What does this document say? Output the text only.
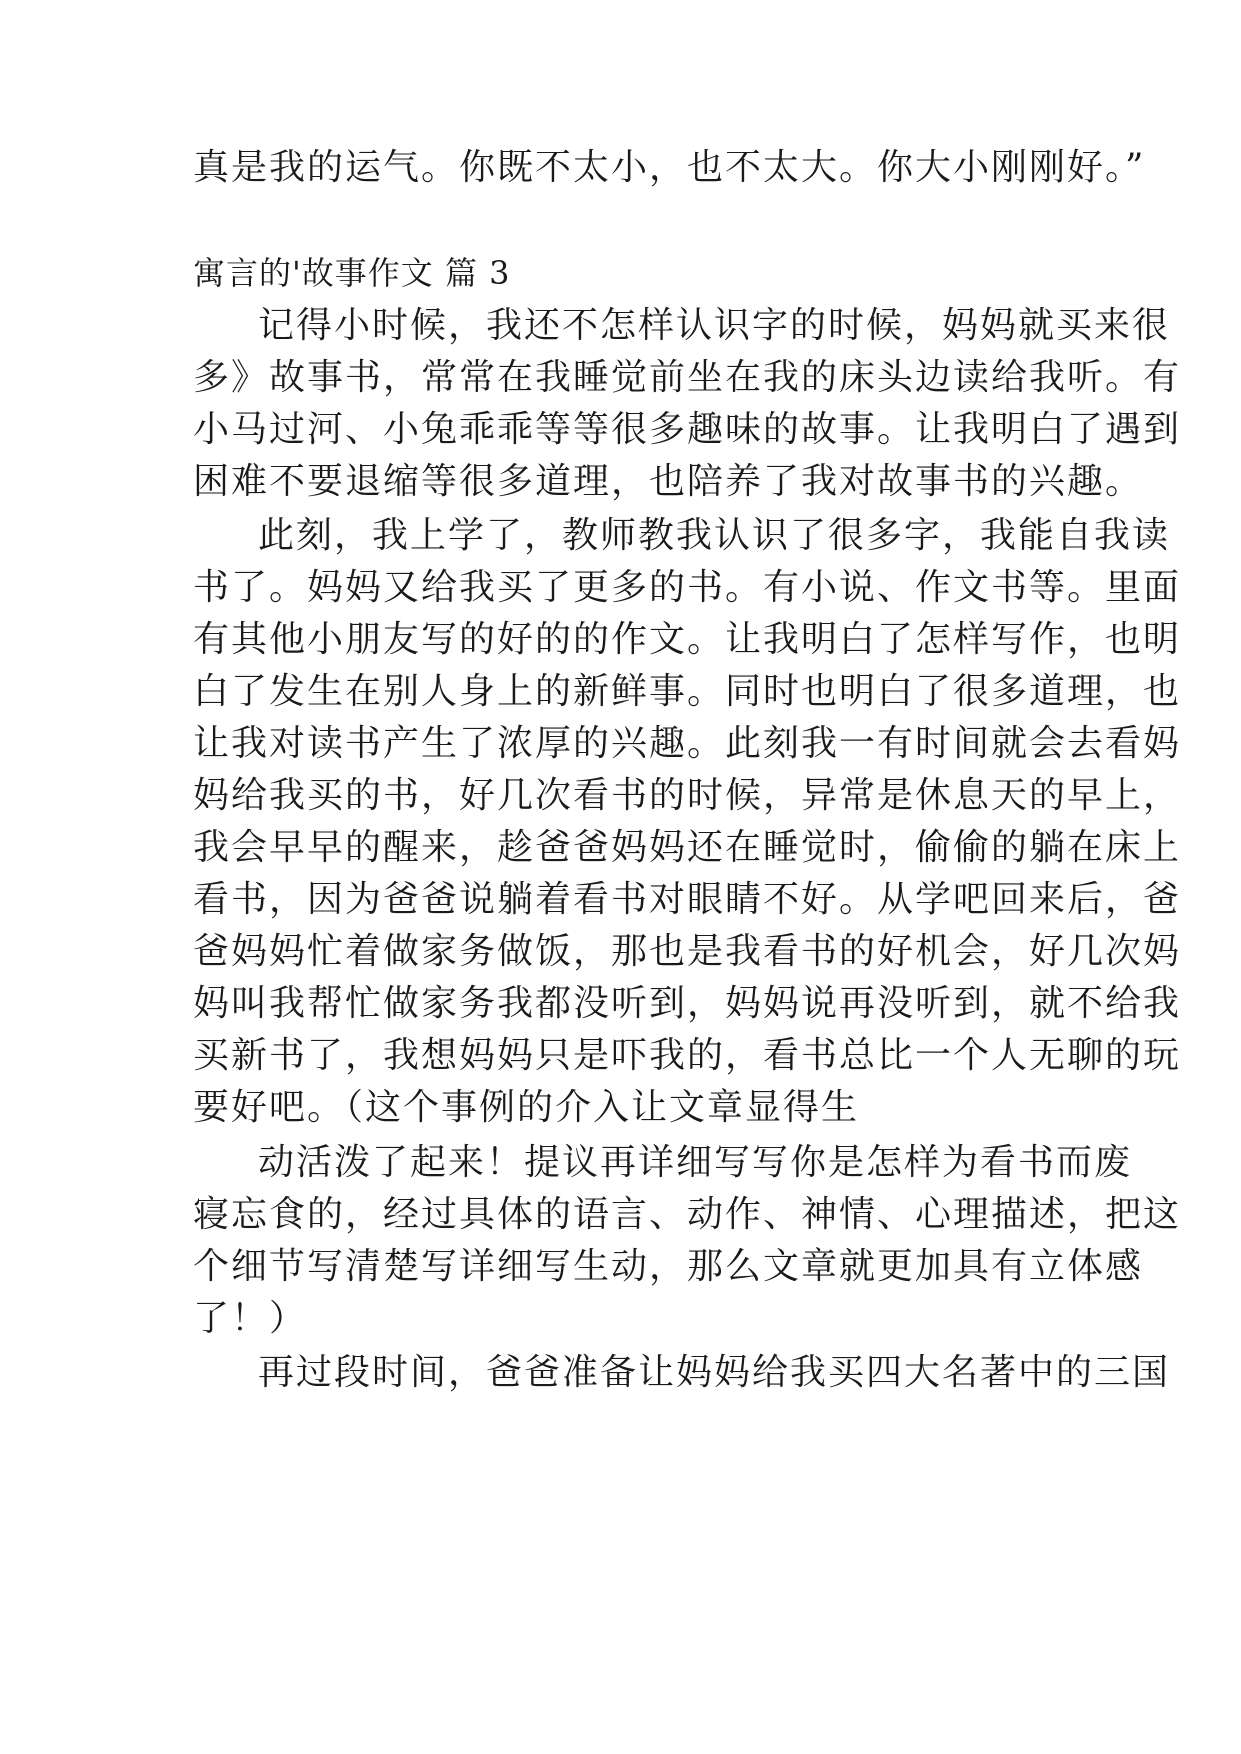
真是我的运气。你既不太小，也不太大。你大小刚刚好。”
寓言的'故事作文 篇 3
记得小时候，我还不怎样认识字的时候，妈妈就买来很
多》故事书，常常在我睡觉前坐在我的床头边读给我听。有
小马过河、小兔乖乖等等很多趣味的故事。让我明白了遇到
困难不要退缩等很多道理，也陪养了我对故事书的兴趣。
此刻，我上学了，教师教我认识了很多字，我能自我读
书了。妈妈又给我买了更多的书。有小说、作文书等。里面
有其他小朋友写的好的的作文。让我明白了怎样写作，也明
白了发生在别人身上的新鲜事。同时也明白了很多道理，也
让我对读书产生了浓厚的兴趣。此刻我一有时间就会去看妈
妈给我买的书，好几次看书的时候，异常是休息天的早上，
我会早早的醒来，趁爸爸妈妈还在睡觉时，偷偷的躺在床上
看书，因为爸爸说躺着看书对眼睛不好。从学吧回来后，爸
爸妈妈忙着做家务做饭，那也是我看书的好机会，好几次妈
妈叫我帮忙做家务我都没听到，妈妈说再没听到，就不给我
买新书了，我想妈妈只是吓我的，看书总比一个人无聊的玩
要好吧。（这个事例的介入让文章显得生
动活泼了起来！提议再详细写写你是怎样为看书而废
寝忘食的，经过具体的语言、动作、神情、心理描述，把这
个细节写清楚写详细写生动，那么文章就更加具有立体感
了！）
再过段时间，爸爸准备让妈妈给我买四大名著中的三国
